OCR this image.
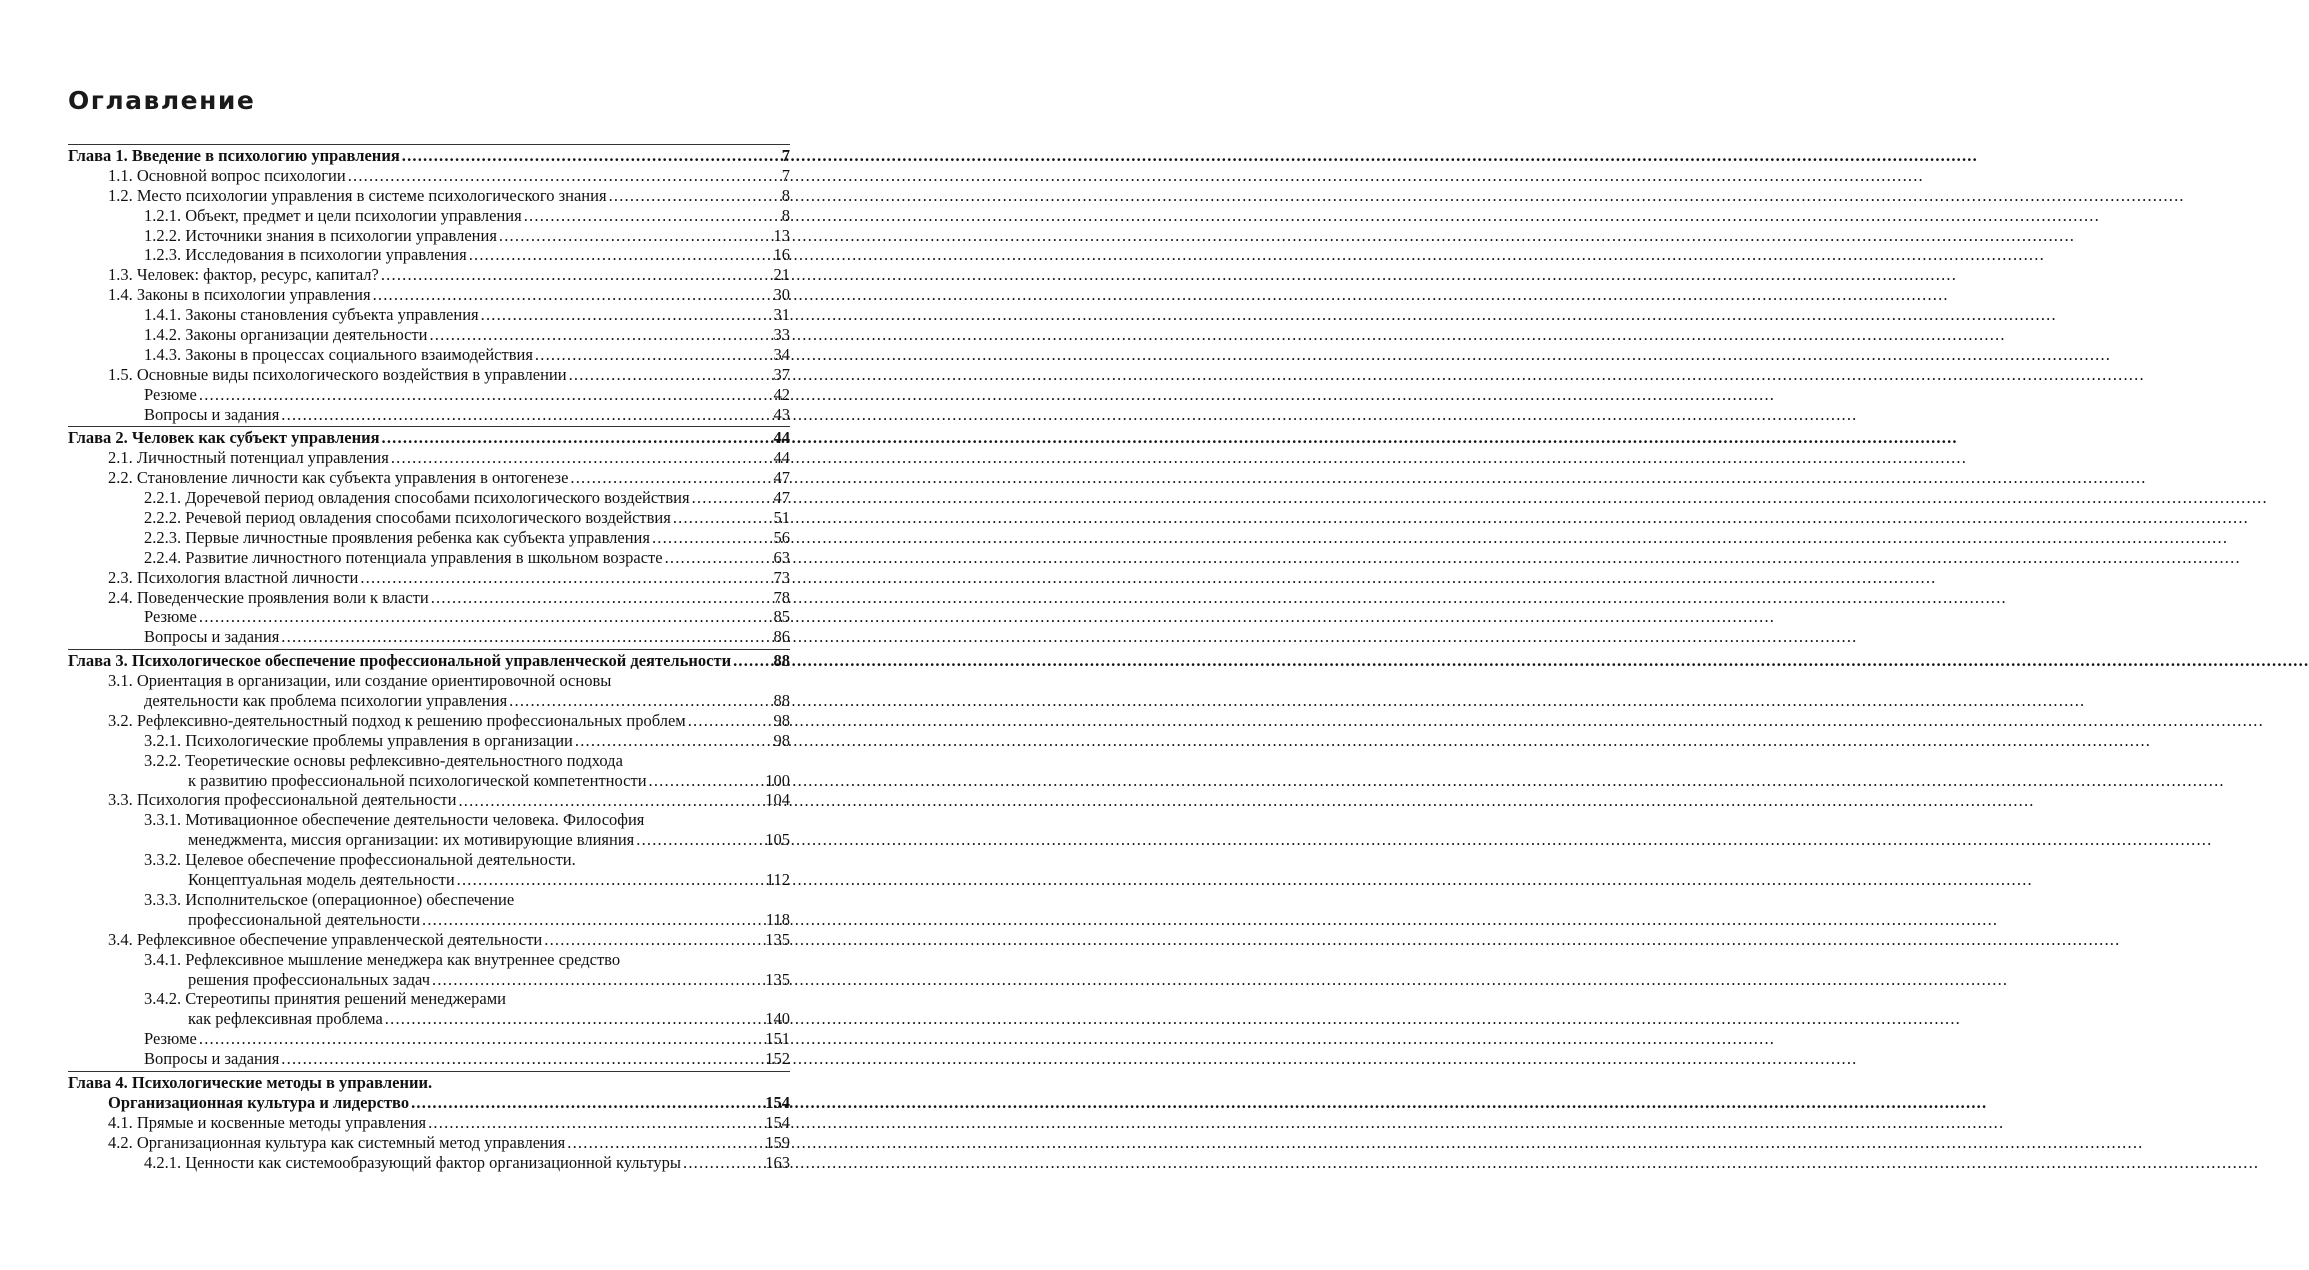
Оглавление
Глава 1. Введение в психологию управления .....	7
1.1. Основной вопрос психологии .....	7
1.2. Место психологии управления в системе психологического знания .....	8
1.2.1. Объект, предмет и цели психологии управления .....	8
1.2.2. Источники знания в психологии управления .....	13
1.2.3. Исследования в психологии управления .....	16
1.3. Человек: фактор, ресурс, капитал? .....	21
1.4. Законы в психологии управления .....	30
1.4.1. Законы становления субъекта управления .....	31
1.4.2. Законы организации деятельности .....	33
1.4.3. Законы в процессах социального взаимодействия .....	34
1.5. Основные виды психологического воздействия в управлении .....	37
Резюме .....	42
Вопросы и задания .....	43
Глава 2. Человек как субъект управления .....	44
2.1. Личностный потенциал управления .....	44
2.2. Становление личности как субъекта управления в онтогенезе .....	47
2.2.1. Доречевой период овладения способами психологического воздействия .....	47
2.2.2. Речевой период овладения способами психологического воздействия .....	51
2.2.3. Первые личностные проявления ребенка как субъекта управления .....	56
2.2.4. Развитие личностного потенциала управления в школьном возрасте .....	63
2.3. Психология властной личности .....	73
2.4. Поведенческие проявления воли к власти .....	78
Резюме .....	85
Вопросы и задания .....	86
Глава 3. Психологическое обеспечение профессиональной управленческой деятельности .....	88
3.1. Ориентация в организации, или создание ориентировочной основы
деятельности как проблема психологии управления .....	88
3.2. Рефлексивно-деятельностный подход к решению профессиональных проблем .....	98
3.2.1. Психологические проблемы управления в организации .....	98
3.2.2. Теоретические основы рефлексивно-деятельностного подхода
к развитию профессиональной психологической компетентности .....	100
3.3. Психология профессиональной деятельности .....	104
3.3.1. Мотивационное обеспечение деятельности человека. Философия
менеджмента, миссия организации: их мотивирующие влияния .....	105
3.3.2. Целевое обеспечение профессиональной деятельности.
Концептуальная модель деятельности .....	112
3.3.3. Исполнительское (операционное) обеспечение
профессиональной деятельности .....	118
3.4. Рефлексивное обеспечение управленческой деятельности .....	135
3.4.1. Рефлексивное мышление менеджера как внутреннее средство
решения профессиональных задач .....	135
3.4.2. Стереотипы принятия решений менеджерами
как рефлексивная проблема .....	140
Резюме .....	151
Вопросы и задания .....	152
Глава 4. Психологические методы в управлении.
Организационная культура и лидерство .....	154
4.1. Прямые и косвенные методы управления .....	154
4.2. Организационная культура как системный метод управления .....	159
4.2.1. Ценности как системообразующий фактор организационной культуры .....	163
